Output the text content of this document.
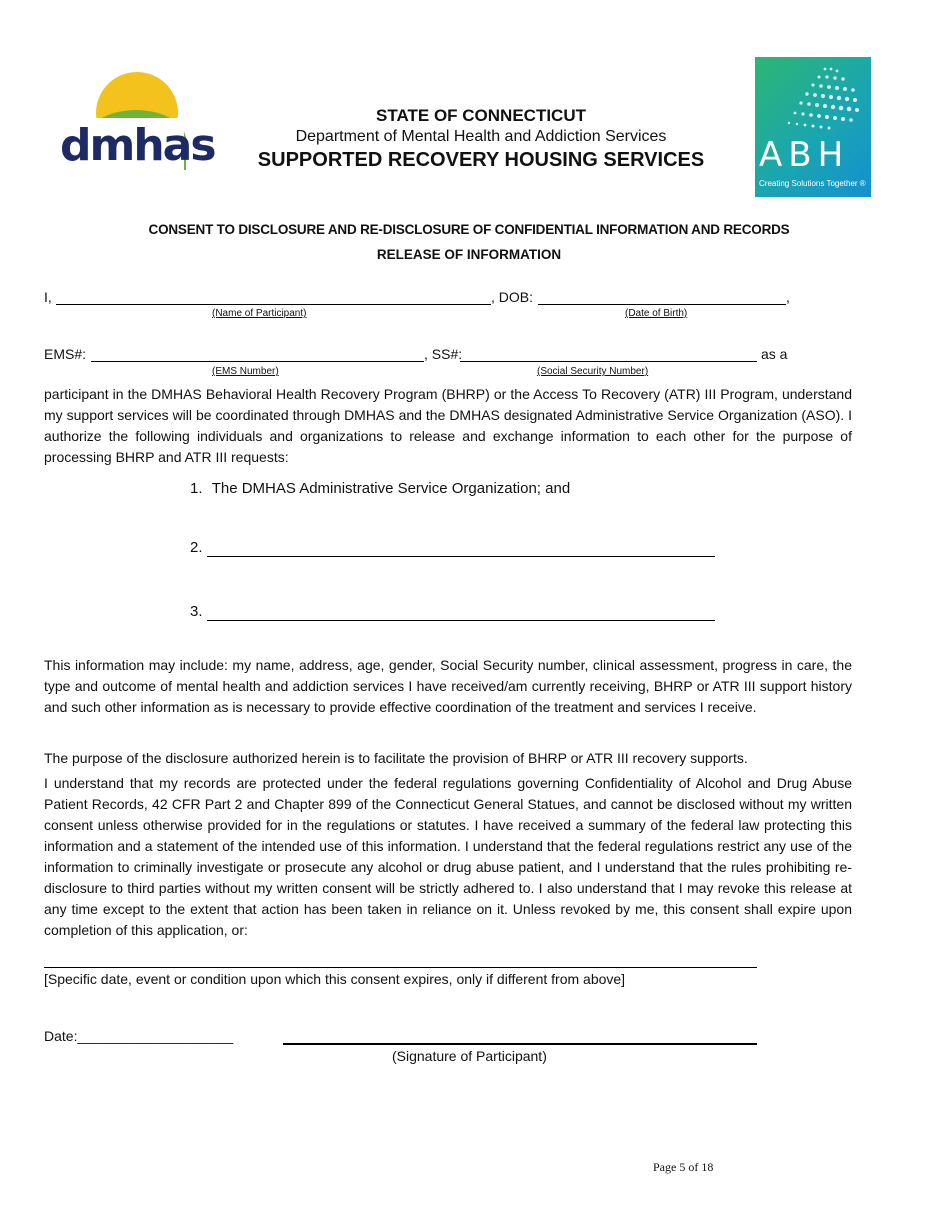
dmhas	ABH
Creating Solutions Together ®
STATE OF CONNECTICUT
Department of Mental Health and Addiction Services
SUPPORTED RECOVERY HOUSING SERVICES
CONSENT TO DISCLOSURE AND RE-DISCLOSURE OF CONFIDENTIAL INFORMATION AND RECORDS
RELEASE OF INFORMATION
I,	, DOB:	,
(Name of Participant)	(Date of Birth)
EMS#:	, SS#:	as a
(EMS Number)	(Social Security Number)
participant in the DMHAS Behavioral Health Recovery Program (BHRP) or the Access To Recovery (ATR) III Program, understand my support services will be coordinated through DMHAS and the DMHAS designated Administrative Service Organization (ASO). I authorize the following individuals and organizations to release and exchange information to each other for the purpose of processing BHRP and ATR III requests:
1. The DMHAS Administrative Service Organization; and
2.
3.
This information may include: my name, address, age, gender, Social Security number, clinical assessment, progress in care, the type and outcome of mental health and addiction services I have received/am currently receiving, BHRP or ATR III support history and such other information as is necessary to provide effective coordination of the treatment and services I receive.
The purpose of the disclosure authorized herein is to facilitate the provision of BHRP or ATR III recovery supports.
I understand that my records are protected under the federal regulations governing Confidentiality of Alcohol and Drug Abuse Patient Records, 42 CFR Part 2 and Chapter 899 of the Connecticut General Statues, and cannot be disclosed without my written consent unless otherwise provided for in the regulations or statutes. I have received a summary of the federal law protecting this information and a statement of the intended use of this information. I understand that the federal regulations restrict any use of the information to criminally investigate or prosecute any alcohol or drug abuse patient, and I understand that the rules prohibiting re-disclosure to third parties without my written consent will be strictly adhered to. I also understand that I may revoke this release at any time except to the extent that action has been taken in reliance on it. Unless revoked by me, this consent shall expire upon completion of this application, or:
[Specific date, event or condition upon which this consent expires, only if different from above]
Date:____________________
(Signature of Participant)
Page 5 of 18
